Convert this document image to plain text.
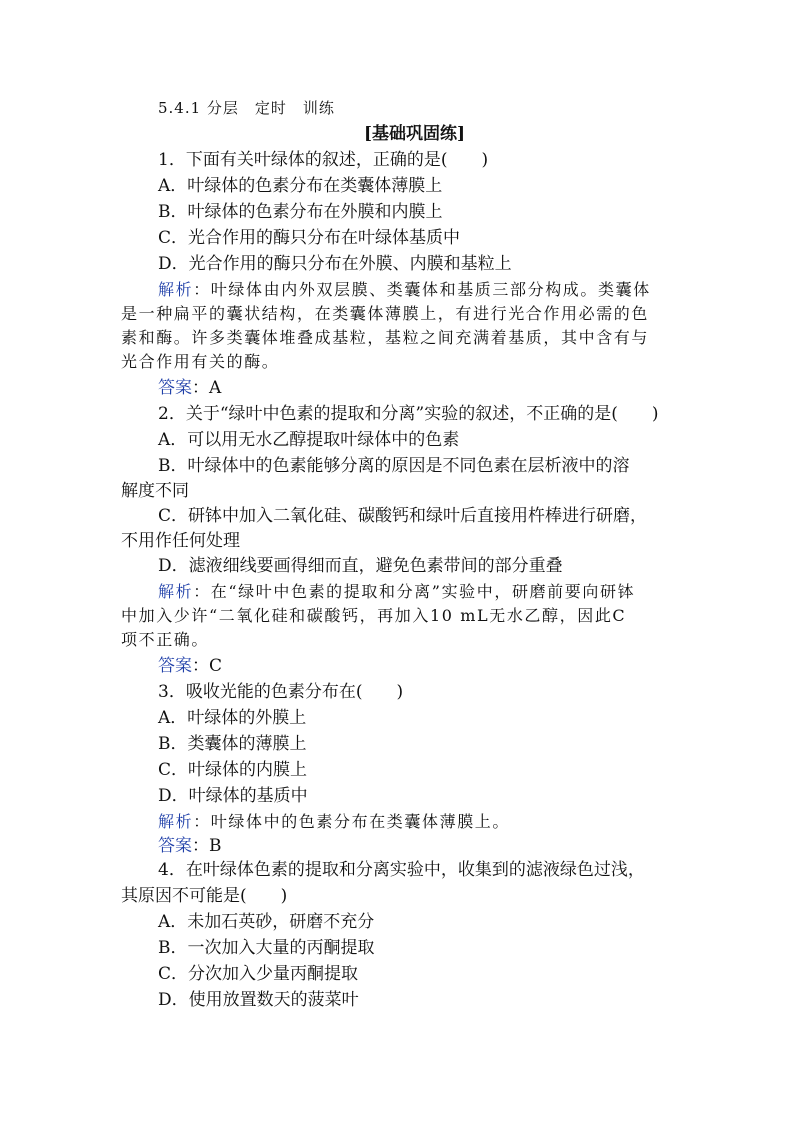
5.4.1 分层　定时　训练
[基础巩固练]
1．下面有关叶绿体的叙述，正确的是(　　)
A．叶绿体的色素分布在类囊体薄膜上
B．叶绿体的色素分布在外膜和内膜上
C．光合作用的酶只分布在叶绿体基质中
D．光合作用的酶只分布在外膜、内膜和基粒上
解析：叶绿体由内外双层膜、类囊体和基质三部分构成。类囊体
是一种扁平的囊状结构，在类囊体薄膜上，有进行光合作用必需的色
素和酶。许多类囊体堆叠成基粒，基粒之间充满着基质，其中含有与
光合作用有关的酶。
答案：A
2．关于“绿叶中色素的提取和分离”实验的叙述，不正确的是(　　)
A．可以用无水乙醇提取叶绿体中的色素
B．叶绿体中的色素能够分离的原因是不同色素在层析液中的溶
解度不同
C．研钵中加入二氧化硅、碳酸钙和绿叶后直接用杵棒进行研磨，
不用作任何处理
D．滤液细线要画得细而直，避免色素带间的部分重叠
解析：在“绿叶中色素的提取和分离”实验中，研磨前要向研钵
中加入少许“二氧化硅和碳酸钙，再加入10 mL无水乙醇，因此C
项不正确。
答案：C
3．吸收光能的色素分布在(　　)
A．叶绿体的外膜上
B．类囊体的薄膜上
C．叶绿体的内膜上
D．叶绿体的基质中
解析：叶绿体中的色素分布在类囊体薄膜上。
答案：B
4．在叶绿体色素的提取和分离实验中，收集到的滤液绿色过浅，
其原因不可能是(　　)
A．未加石英砂，研磨不充分
B．一次加入大量的丙酮提取
C．分次加入少量丙酮提取
D．使用放置数天的菠菜叶
